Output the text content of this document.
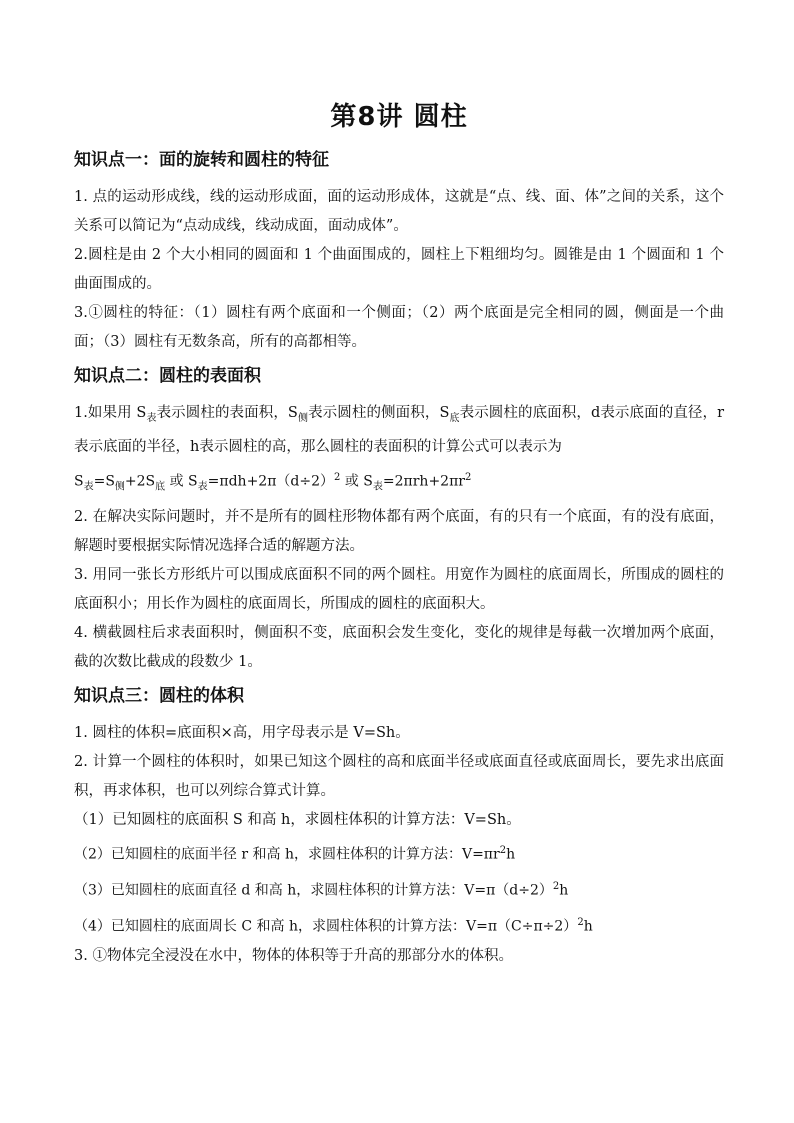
第8讲 圆柱
知识点一：面的旋转和圆柱的特征

1. 点的运动形成线，线的运动形成面，面的运动形成体，这就是“点、线、面、体”之间的关系，这个关系可以简记为“点动成线，线动成面，面动成体”。

2.圆柱是由 2 个大小相同的圆面和 1 个曲面围成的，圆柱上下粗细均匀。圆锥是由 1 个圆面和 1 个曲面围成的。

3.①圆柱的特征：（1）圆柱有两个底面和一个侧面；（2）两个底面是完全相同的圆，侧面是一个曲面；（3）圆柱有无数条高，所有的高都相等。

知识点二：圆柱的表面积

1.如果用 $S_表$表示圆柱的表面积，$S_侧$表示圆柱的侧面积，$S_底$表示圆柱的底面积，d表示底面的直径，r表示底面的半径，h表示圆柱的高，那么圆柱的表面积的计算公式可以表示为

$S_表=S_侧+2S_底$ 或 $S_表=\pi dh+2\pi(d\div 2)^2$ 或 $S_表=2\pi rh+2\pi r^2$

2. 在解决实际问题时，并不是所有的圆柱形物体都有两个底面，有的只有一个底面，有的没有底面，解题时要根据实际情况选择合适的解题方法。

3. 用同一张长方形纸片可以围成底面积不同的两个圆柱。用宽作为圆柱的底面周长，所围成的圆柱的底面积小；用长作为圆柱的底面周长，所围成的圆柱的底面积大。

4. 横截圆柱后求表面积时，侧面积不变，底面积会发生变化，变化的规律是每截一次增加两个底面，截的次数比截成的段数少 1。

知识点三：圆柱的体积

1. 圆柱的体积=底面积×高，用字母表示是 V=Sh。

2. 计算一个圆柱的体积时，如果已知这个圆柱的高和底面半径或底面直径或底面周长，要先求出底面积，再求体积，也可以列综合算式计算。

（1）已知圆柱的底面积 S 和高 h，求圆柱体积的计算方法：V=Sh。

（2）已知圆柱的底面半径 r 和高 h，求圆柱体积的计算方法：$V=\pi r^2h$

（3）已知圆柱的底面直径 d 和高 h，求圆柱体积的计算方法：$V=\pi(d\div 2)^2h$

（4）已知圆柱的底面周长 C 和高 h，求圆柱体积的计算方法：$V=\pi(C\div\pi\div 2)^2h$

3. ①物体完全浸没在水中，物体的体积等于升高的那部分水的体积。
